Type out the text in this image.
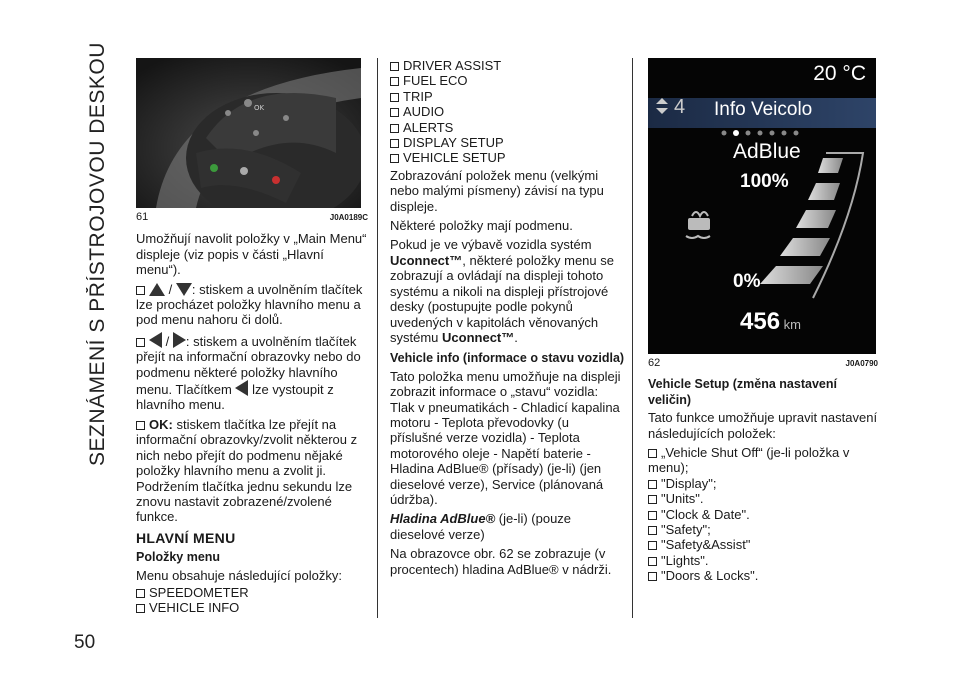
SEZNÁMENÍ S PŘÍSTROJOVOU DESKOU
50
OK
61	J0A0189C

Umožňují navolit položky v „Main Menu“ displeje (viz popis v části „Hlavní menu“).

/ : stiskem a uvolněním tlačítek lze procházet položky hlavního menu a pod menu nahoru či dolů.

/ : stiskem a uvolněním tlačítek přejít na informační obrazovky nebo do podmenu některé položky hlavního menu. Tlačítkem lze vystoupit z hlavního menu.

OK: stiskem tlačítka lze přejít na informační obrazovky/zvolit některou z nich nebo přejít do podmenu nějaké položky hlavního menu a zvolit ji. Podržením tlačítka jednu sekundu lze znovu nastavit zobrazené/zvolené funkce.

HLAVNÍ MENU
Položky menu

Menu obsahuje následující položky:

SPEEDOMETER
VEHICLE INFO
DRIVER ASSIST
FUEL ECO
TRIP
AUDIO
ALERTS
DISPLAY SETUP
VEHICLE SETUP

Zobrazování položek menu (velkými nebo malými písmeny) závisí na typu displeje.

Některé položky mají podmenu.

Pokud je ve výbavě vozidla systém Uconnect™, některé položky menu se zobrazují a ovládají na displeji tohoto systému a nikoli na displeji přístrojové desky (postupujte podle pokynů uvedených v kapitolách věnovaných systému Uconnect™.

Vehicle info (informace o stavu vozidla)

Tato položka menu umožňuje na displeji zobrazit informace o „stavu“ vozidla: Tlak v pneumatikách - Chladicí kapalina motoru - Teplota převodovky (u příslušné verze vozidla) - Teplota motorového oleje - Napětí baterie - Hladina AdBlue® (přísady) (je-li) (jen dieselové verze), Service (plánovaná údržba).

Hladina AdBlue® (je-li) (pouze dieselové verze)

Na obrazovce obr. 62 se zobrazuje (v procentech) hladina AdBlue® v nádrži.

20 °C
4 Info Veicolo
AdBlue
100%
0%
456 km
62	J0A0790
Vehicle Setup (změna nastavení veličin)

Tato funkce umožňuje upravit nastavení následujících položek:

„Vehicle Shut Off“ (je-li položka v menu);
"Display";
"Units".
"Clock & Date".
"Safety";
"Safety&Assist"
"Lights".
"Doors & Locks".
